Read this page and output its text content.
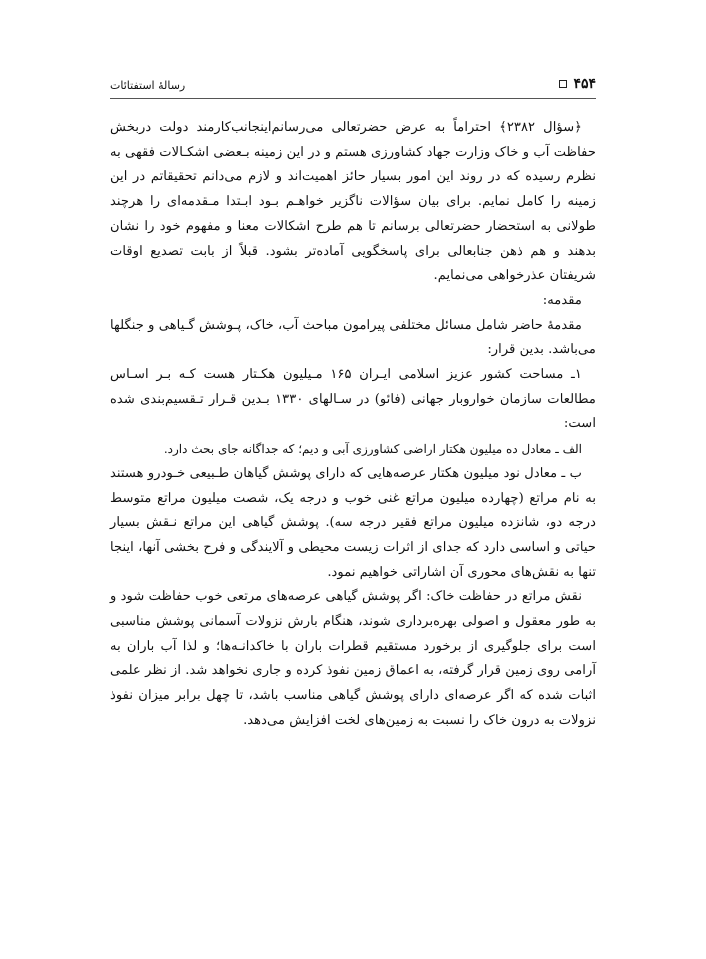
رسالهٔ استفتائات	۴۵۴

﴿سؤال ۲۳۸۲﴾ احتراماً به عرض حضرتعالی می‌رسانم‌اینجانب‌کارمند دولت دربخش حفاظت آب و خاک وزارت جهاد کشاورزی هستم و در این زمینه بـعضی اشکـالات فقهی به نظرم رسیده که در روند این امور بسیار حائز اهمیت‌اند و لازم می‌دانم تحقیقاتم در این زمینه را کامل نمایم. برای بیان سؤالات ناگزیر خواهـم بـود ابـتدا مـقدمه‌ای را هرچند طولانی به استحضار حضرتعالی برسانم تا هم طرح اشکالات معنا و مفهوم خود را نشان بدهند و هم ذهن جنابعالی برای پاسخگویی آماده‌تر بشود. قبلاً از بابت تصدیع اوقات شریفتان عذرخواهی می‌نمایم.

مقدمه:

مقدمهٔ حاضر شامل مسائل مختلفی پیرامون مباحث آب، خاک، پـوشش گـیاهی و جنگلها می‌باشد. بدین قرار:

۱ـ مساحت کشور عزیز اسلامی ایـران ۱۶۵ مـیلیون هکـتار هست کـه بـر اسـاس مطالعات سازمان خواروبار جهانی (فائو) در سـالهای ۱۳۳۰ بـدین قـرار تـقسیم‌بندی شده است:

الف ـ معادل ده میلیون هکتار اراضی کشاورزی آبی و دیم؛ که جداگانه جای بحث دارد.

ب ـ معادل نود میلیون هکتار عرصه‌هایی که دارای پوشش گیاهان طـبیعی خـودرو هستند به نام مراتع (چهارده میلیون مراتع غنی خوب و درجه یک، شصت میلیون مراتع متوسط درجه دو، شانزده میلیون مراتع فقیر درجه سه). پوشش گیاهی این مراتع نـقش بسیار حیاتی و اساسی دارد که جدای از اثرات زیست محیطی و آلایندگی و فرح بخشی آنها، اینجا تنها به نقش‌های محوری آن اشاراتی خواهیم نمود.

نقش مراتع در حفاظت خاک: اگر پوشش گیاهی عرصه‌های مرتعی خوب حفاظت شود و به طور معقول و اصولی بهره‌برداری شوند، هنگام بارش نزولات آسمانی پوشش مناسبی است برای جلوگیری از برخورد مستقیم قطرات باران با خاکدانـه‌ها؛ و لذا آب باران به آرامی روی زمین قرار گرفته، به اعماق زمین نفوذ کرده و جاری نخواهد شد. از نظر علمی اثبات شده که اگر عرصه‌ای دارای پوشش گیاهی مناسب باشد، تا چهل برابر میزان نفوذ نزولات به درون خاک را نسبت به زمین‌های لخت افزایش می‌دهد.
